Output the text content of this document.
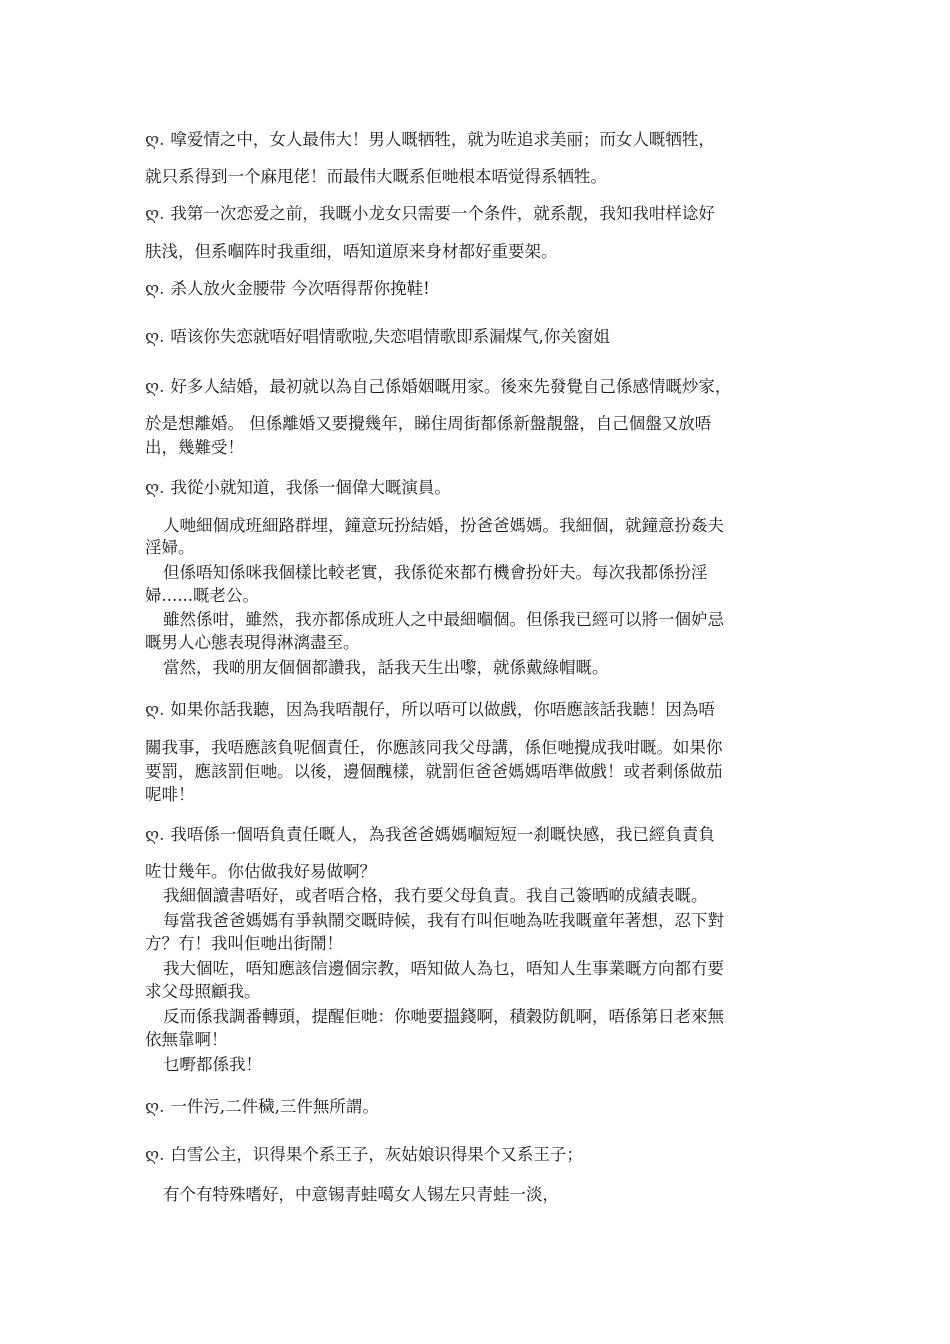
ღ. 嗱爱情之中，女人最伟大！男人嘅牺牲，就为咗追求美丽；而女人嘅牺牲，
就只系得到一个麻甩佬！而最伟大嘅系佢哋根本唔觉得系牺牲。
ღ. 我第一次恋爱之前，我嘅小龙女只需要一个条件，就系靓，我知我咁样谂好
肤浅，但系嗰阵时我重细，唔知道原来身材都好重要架。
ღ. 杀人放火金腰带 今次唔得帮你挽鞋!
ღ. 唔该你失恋就唔好唱情歌啦,失恋唱情歌即系漏煤气,你关窗姐
ღ. 好多人結婚，最初就以為自己係婚姻嘅用家。後來先發覺自己係感情嘅炒家，
於是想離婚。 但係離婚又要攪幾年，睇住周街都係新盤靚盤，自己個盤又放唔
出，幾難受！
ღ. 我從小就知道，我係一個偉大嘅演員。
人哋細個成班細路群埋，鐘意玩扮結婚，扮爸爸媽媽。我細個，就鐘意扮姦夫
淫婦。
但係唔知係咪我個樣比較老實，我係從來都冇機會扮奸夫。每次我都係扮淫
婦......嘅老公。
雖然係咁，雖然，我亦都係成班人之中最細嗰個。但係我已經可以將一個妒忌
嘅男人心態表現得淋漓盡至。
當然，我啲朋友個個都讚我，話我天生出嚟，就係戴綠帽嘅。
ღ. 如果你話我聽，因為我唔靚仔，所以唔可以做戲，你唔應該話我聽！因為唔
關我事，我唔應該負呢個責任，你應該同我父母講，係佢哋攪成我咁嘅。如果你
要罰，應該罰佢哋。以後，邊個醜樣，就罰佢爸爸媽媽唔準做戲！或者剩係做茄
呢啡！
ღ. 我唔係一個唔負責任嘅人，為我爸爸媽媽嗰短短一刹嘅快感，我已經負責負
咗廿幾年。你估做我好易做啊？
我細個讀書唔好，或者唔合格，我冇要父母負責。我自己簽晒啲成績表嘅。
每當我爸爸媽媽有爭執鬧交嘅時候，我有冇叫佢哋為咗我嘅童年著想，忍下對
方？冇！我叫佢哋出街鬧！
我大個咗，唔知應該信邊個宗教，唔知做人為乜，唔知人生事業嘅方向都冇要
求父母照顧我。
反而係我調番轉頭，提醒佢哋：你哋要搵錢啊，積穀防飢啊，唔係第日老來無
依無靠啊！
乜嘢都係我！
ღ. 一件污,二件穢,三件無所謂。
ღ. 白雪公主，识得果个系王子，灰姑娘识得果个又系王子；
有个有特殊嗜好，中意锡青蛙噶女人锡左只青蛙一淡，
